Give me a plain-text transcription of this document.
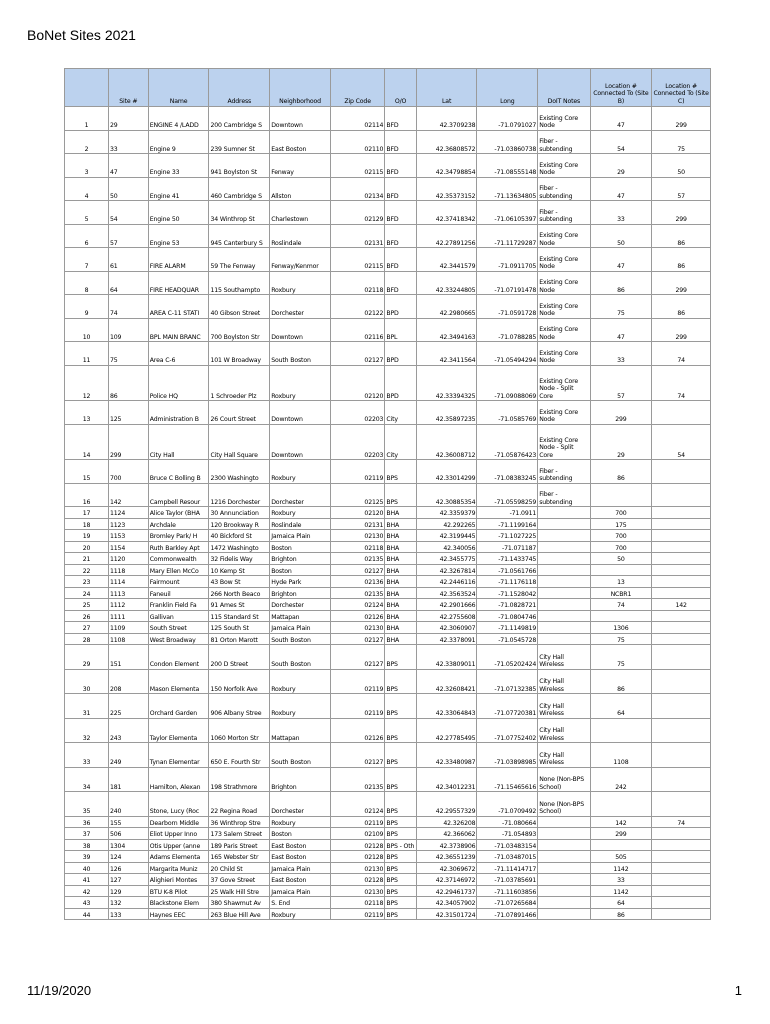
BoNet Sites 2021
	Site #	Name	Address	Neighborhood	Zip Code	O/O	Lat	Long	DoIT Notes	Location # Connected To (Site B)	Location # Connected To (Site C)
1	29	ENGINE 4 /LADD	200 Cambridge S	Downtown	02114	BFD	42.3709238	-71.0791027	Existing Core Node	47	299
2	33	Engine 9	239 Sumner St	East Boston	02110	BFD	42.36808572	-71.03860738	Fiber - subtending	54	75
3	47	Engine 33	941 Boylston St	Fenway	02115	BFD	42.34798854	-71.08555148	Existing Core Node	29	50
4	50	Engine 41	460 Cambridge S	Allston	02134	BFD	42.35373152	-71.13634805	Fiber - subtending	47	57
5	54	Engine 50	34 Winthrop St	Charlestown	02129	BFD	42.37418342	-71.06105397	Fiber - subtending	33	299
6	57	Engine 53	945 Canterbury S	Roslindale	02131	BFD	42.27891256	-71.11729287	Existing Core Node	50	86
7	61	FIRE ALARM	59 The Fenway	Fenway/Kenmor	02115	BFD	42.3441579	-71.0911705	Existing Core Node	47	86
8	64	FIRE HEADQUAR	115 Southampto	Roxbury	02118	BFD	42.33244805	-71.07191478	Existing Core Node	86	299
9	74	AREA C-11 STATI	40 Gibson Street	Dorchester	02122	BPD	42.2980665	-71.0591728	Existing Core Node	75	86
10	109	BPL MAIN BRANC	700 Boylston Str	Downtown	02116	BPL	42.3494163	-71.0788285	Existing Core Node	47	299
11	75	Area C-6	101 W Broadway	South Boston	02127	BPD	42.3411564	-71.05494294	Existing Core Node	33	74
12	86	Police HQ	1 Schroeder Plz	Roxbury	02120	BPD	42.33394325	-71.09088069	Existing Core Node - Split Core	57	74
13	125	Administration B	26 Court Street	Downtown	02203	City	42.35897235	-71.0585769	Existing Core Node	299	
14	299	City Hall	City Hall Square	Downtown	02203	City	42.36008712	-71.05876423	Existing Core Node - Split Core	29	54
15	700	Bruce C Bolling B	2300 Washingto	Roxbury	02119	BPS	42.33014299	-71.08383245	Fiber - subtending	86	
16	142	Campbell Resour	1216 Dorchester	Dorchester	02125	BPS	42.30885354	-71.05598259	Fiber - subtending		
17	1124	Alice Taylor (BHA	30 Annunciation	Roxbury	02120	BHA	42.3359379	-71.0911		700	
18	1123	Archdale	120 Brookway R	Roslindale	02131	BHA	42.292265	-71.1199164		175	
19	1153	Bromley Park/ H	40 Bickford St	Jamaica Plain	02130	BHA	42.3199445	-71.1027225		700	
20	1154	Ruth Barkley Apt	1472 Washingto	Boston	02118	BHA	42.340056	-71.071187		700	
21	1120	Commonwealth	32 Fidelis Way	Brighton	02135	BHA	42.3455775	-71.1433745		50	
22	1118	Mary Ellen McCo	10 Kemp St	Boston	02127	BHA	42.3267814	-71.0561766			
23	1114	Fairmount	43 Bow St	Hyde Park	02136	BHA	42.2446116	-71.1176118		13	
24	1113	Faneuil	266 North Beaco	Brighton	02135	BHA	42.3563524	-71.1528042		NCBR1	
25	1112	Franklin Field Fa	91 Ames St	Dorchester	02124	BHA	42.2901666	-71.0828721		74	142
26	1111	Gallivan	115 Standard St	Mattapan	02126	BHA	42.2755608	-71.0804746			
27	1109	South Street	125 South St	Jamaica Plain	02130	BHA	42.3060907	-71.1149819		1306	
28	1108	West Broadway	81 Orton Marott	South Boston	02127	BHA	42.3378091	-71.0545728		75	
29	151	Condon Element	200 D Street	South Boston	02127	BPS	42.33809011	-71.05202424	City Hall Wireless	75	
30	208	Mason Elementa	150 Norfolk Ave	Roxbury	02119	BPS	42.32608421	-71.07132385	City Hall Wireless	86	
31	225	Orchard Garden	906 Albany Stree	Roxbury	02119	BPS	42.33064843	-71.07720381	City Hall Wireless	64	
32	243	Taylor Elementa	1060 Morton Str	Mattapan	02126	BPS	42.27785495	-71.07752402	City Hall Wireless		
33	249	Tynan Elementar	650 E. Fourth Str	South Boston	02127	BPS	42.33480987	-71.03898985	City Hall Wireless	1108	
34	181	Hamilton, Alexan	198 Strathmore	Brighton	02135	BPS	42.34012231	-71.15465616	None (Non-BPS School)	242	
35	240	Stone, Lucy (Roc	22 Regina Road	Dorchester	02124	BPS	42.29557329	-71.0709492	None (Non-BPS School)		
36	155	Dearborn Middle	36 Winthrop Stre	Roxbury	02119	BPS	42.326208	-71.080664		142	74
37	506	Eliot Upper Inno	173 Salem Street	Boston	02109	BPS	42.366062	-71.054893		299	
38	1304	Otis Upper (anne	189 Paris Street	East Boston	02128	BPS - Oth	42.3738906	-71.03483154			
39	124	Adams Elementa	165 Webster Str	East Boston	02128	BPS	42.36551239	-71.03487015		505	
40	126	Margarita Muniz	20 Child St	Jamaica Plain	02130	BPS	42.3069672	-71.11414717		1142	
41	127	Alighieri Montes	37 Gove Street	East Boston	02128	BPS	42.37146972	-71.03785691		33	
42	129	BTU K-8 Pilot	25 Walk Hill Stre	Jamaica Plain	02130	BPS	42.29461737	-71.11603856		1142	
43	132	Blackstone Elem	380 Shawmut Av	S. End	02118	BPS	42.34057902	-71.07265684		64	
44	133	Haynes EEC	263 Blue Hill Ave	Roxbury	02119	BPS	42.31501724	-71.07891466		86	
11/19/2020	1
